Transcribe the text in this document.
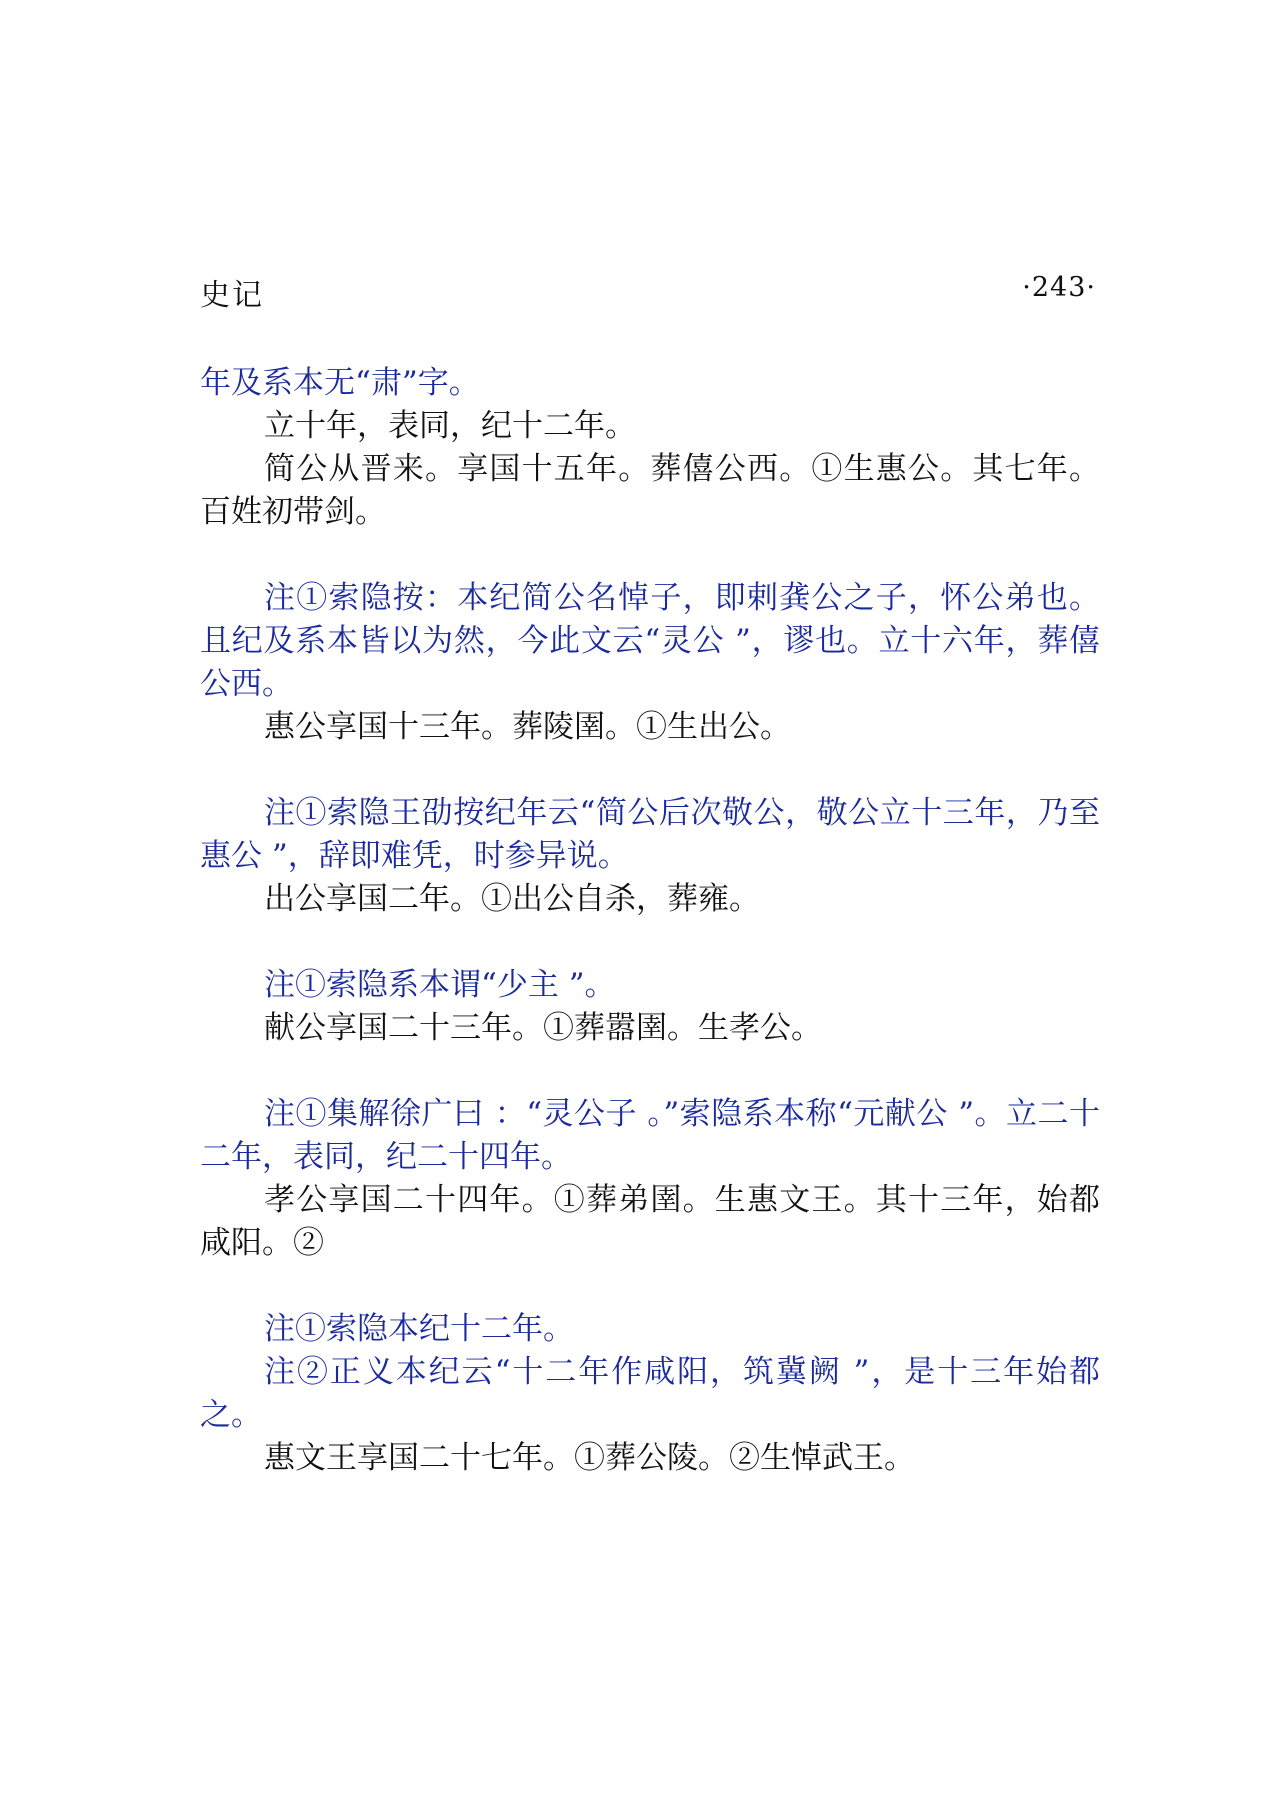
史记	·243·

年及系本无“肃”字。

立十年，表同，纪十二年。

简公从晋来。享国十五年。葬僖公西。①生惠公。其七年。百姓初带剑。

注①索隐按：本纪简公名悼子，即剌龚公之子，怀公弟也。且纪及系本皆以为然，今此文云“灵公 ”，谬也。立十六年，葬僖公西。

惠公享国十三年。葬陵圉。①生出公。

注①索隐王劭按纪年云“简公后次敬公，敬公立十三年，乃至惠公 ”，辞即难凭，时参异说。

出公享国二年。①出公自杀，葬雍。

注①索隐系本谓“少主 ”。

献公享国二十三年。①葬嚣圉。生孝公。

注①集解徐广曰 ：“灵公子 。”索隐系本称“元献公 ”。立二十二年，表同，纪二十四年。

孝公享国二十四年。①葬弟圉。生惠文王。其十三年，始都咸阳。②

注①索隐本纪十二年。

注②正义本纪云“十二年作咸阳，筑冀阙 ”，是十三年始都之。

惠文王享国二十七年。①葬公陵。②生悼武王。
